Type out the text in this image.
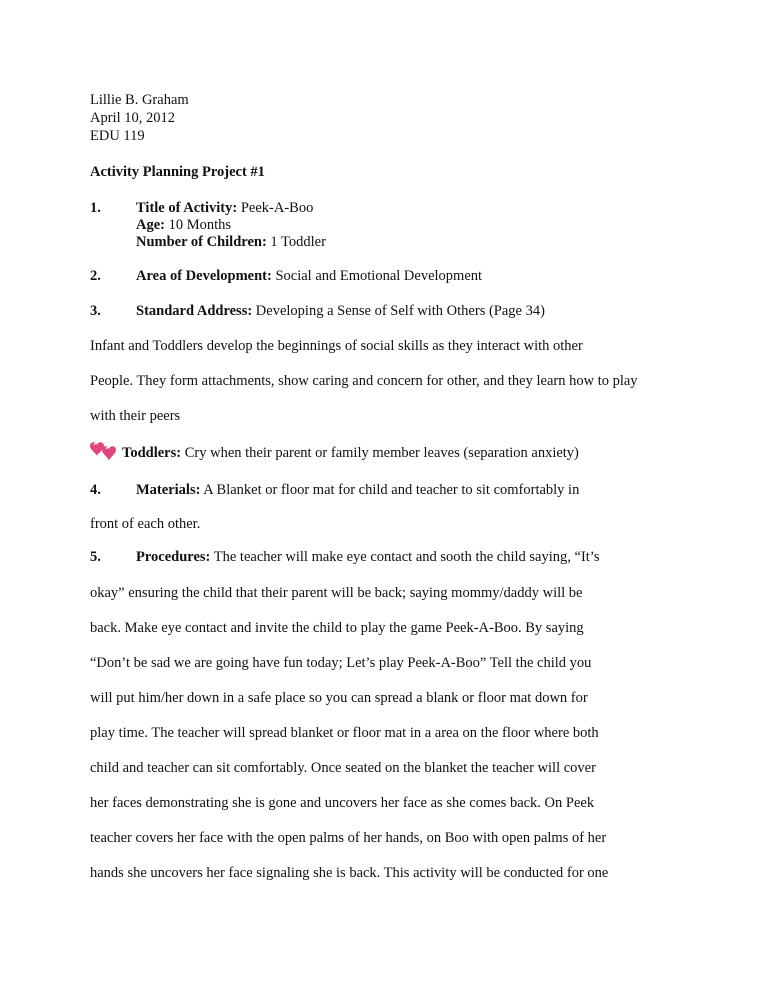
Lillie B. Graham
April 10, 2012
EDU 119
Activity Planning Project #1
1. Title of Activity: Peek-A-Boo
Age: 10 Months
Number of Children: 1 Toddler
2. Area of Development: Social and Emotional Development
3. Standard Address: Developing a Sense of Self with Others (Page 34)
Infant and Toddlers develop the beginnings of social skills as they interact with other
People. They form attachments, show caring and concern for other, and they learn how to play
with their peers
Toddlers: Cry when their parent or family member leaves (separation anxiety)
4. Materials: A Blanket or floor mat for child and teacher to sit comfortably in
front of each other.
5. Procedures: The teacher will make eye contact and sooth the child saying, “It’s
okay” ensuring the child that their parent will be back; saying mommy/daddy will be
back. Make eye contact and invite the child to play the game Peek-A-Boo. By saying
“Don’t be sad we are going have fun today; Let’s play Peek-A-Boo” Tell the child you
will put him/her down in a safe place so you can spread a blank or floor mat down for
play time. The teacher will spread blanket or floor mat in a area on the floor where both
child and teacher can sit comfortably. Once seated on the blanket the teacher will cover
her faces demonstrating she is gone and uncovers her face as she comes back. On Peek
teacher covers her face with the open palms of her hands, on Boo with open palms of her
hands she uncovers her face signaling she is back. This activity will be conducted for one
